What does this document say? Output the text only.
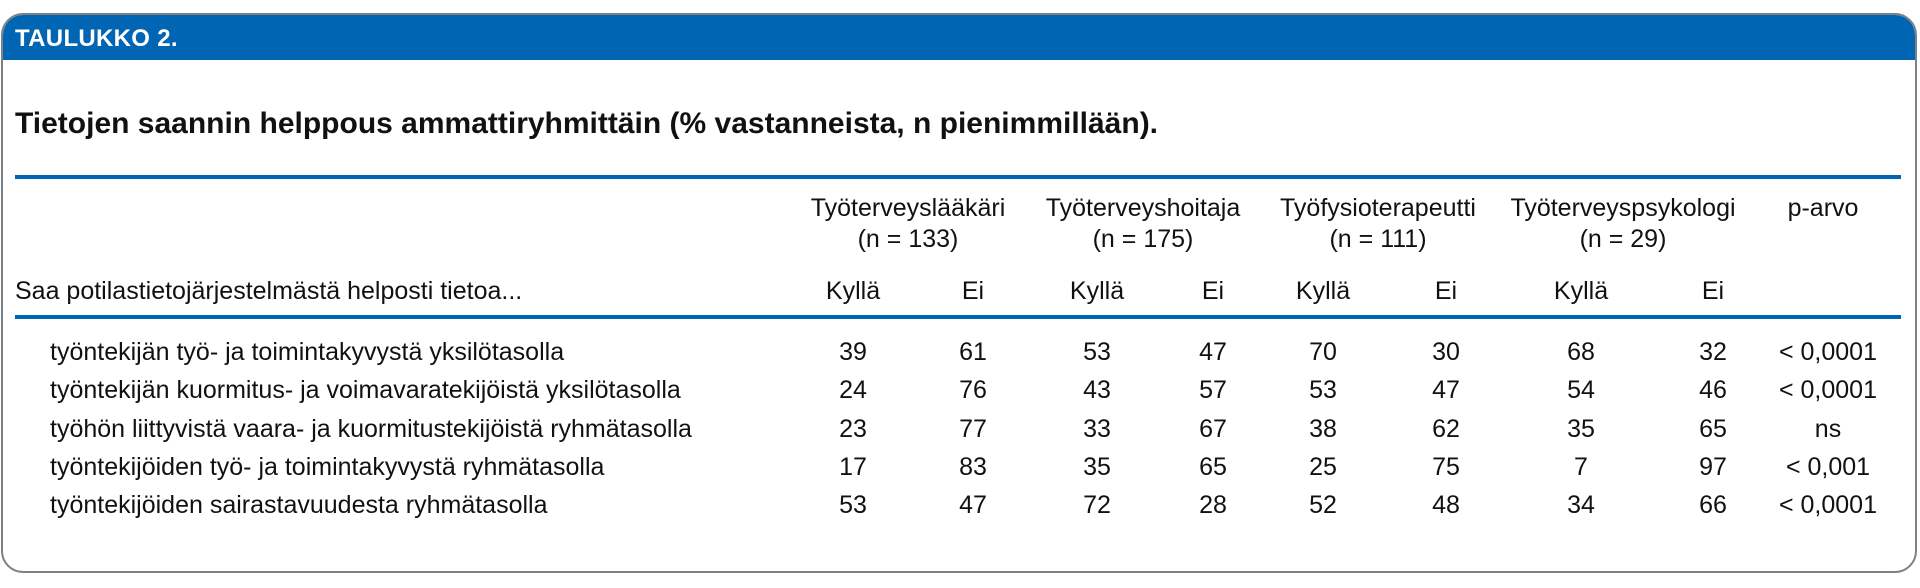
TAULUKKO 2.
Tietojen saannin helppous ammattiryhmittäin (% vastanneista, n pienimmillään).
Työterveyslääkäri
(n = 133)
Työterveyshoitaja
(n = 175)
Työfysioterapeutti
(n = 111)
Työterveyspsykologi
(n = 29)
p-arvo
Saa potilastietojärjestelmästä helposti tietoa...	Kyllä	Ei	Kyllä	Ei	Kyllä	Ei	Kyllä	Ei
työntekijän työ- ja toimintakyvystä yksilötasolla	39	61	53	47	70	30	68	32	< 0,0001
työntekijän kuormitus- ja voimavaratekijöistä yksilötasolla	24	76	43	57	53	47	54	46	< 0,0001
työhön liittyvistä vaara- ja kuormitustekijöistä ryhmätasolla	23	77	33	67	38	62	35	65	ns
työntekijöiden työ- ja toimintakyvystä ryhmätasolla	17	83	35	65	25	75	7	97	< 0,001
työntekijöiden sairastavuudesta ryhmätasolla	53	47	72	28	52	48	34	66	< 0,0001
